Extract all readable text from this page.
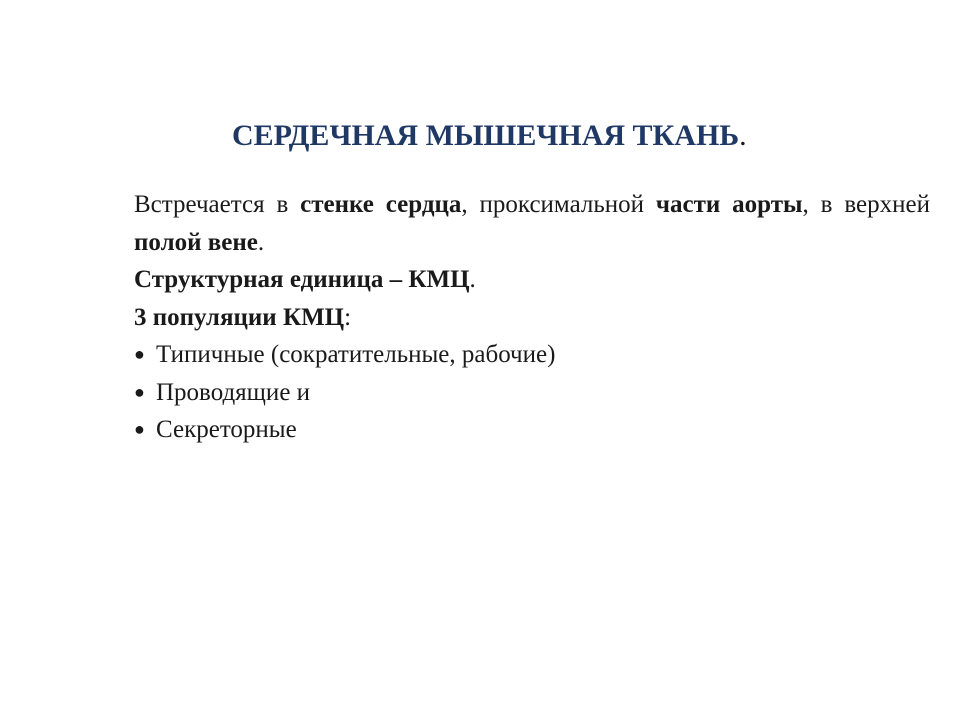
СЕРДЕЧНАЯ МЫШЕЧНАЯ ТКАНЬ.

Встречается в стенке сердца, проксимальной части аорты, в верхней полой вене.

Структурная единица – КМЦ.

3 популяции КМЦ:

● Типичные (сократительные, рабочие)

● Проводящие и

● Секреторные
